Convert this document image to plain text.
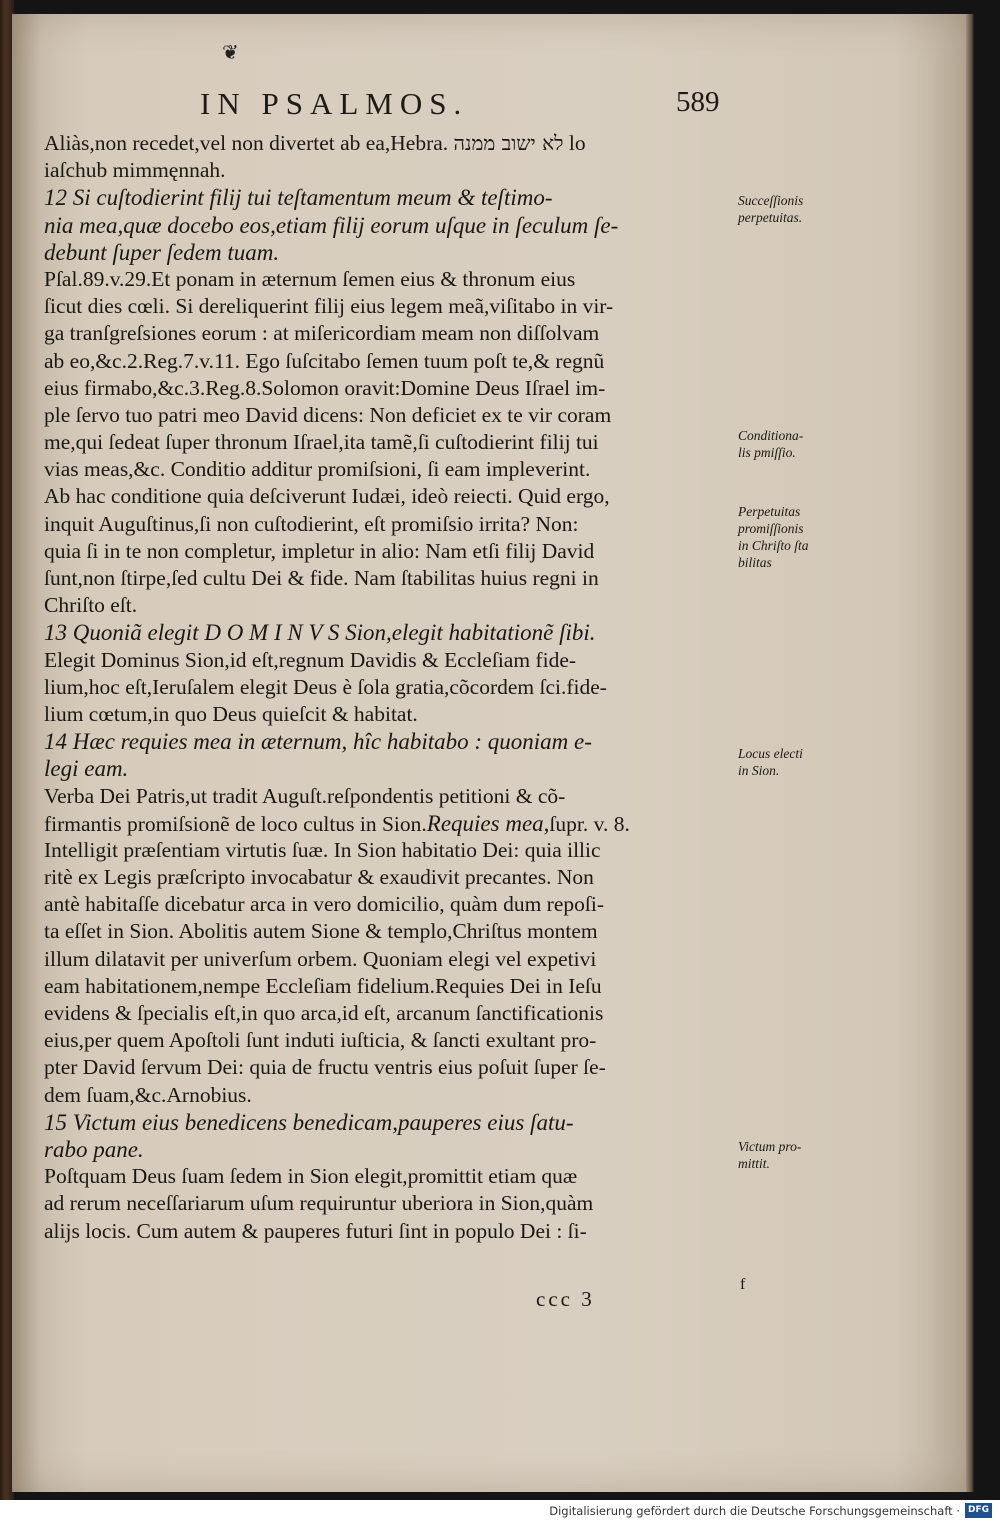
❦
IN PSALMOS.	589
Aliàs,non recedet,vel non divertet ab ea,Hebra. לא ישוב ממנה lo
iaſchub mimmęnnah.
12 Si cuſtodierint filij tui teſtamentum meum & teſtimo-
nia mea,quæ docebo eos,etiam filij eorum uſque in ſeculum ſe-
debunt ſuper ſedem tuam.
Pſal.89.v.29.Et ponam in æternum ſemen eius & thronum eius
ſicut dies cœli. Si dereliquerint filij eius legem meã,viſitabo in vir-
ga tranſgreſsiones eorum : at miſericordiam meam non diſſolvam
ab eo,&c.2.Reg.7.v.11. Ego ſuſcitabo ſemen tuum poſt te,& regnũ
eius firmabo,&c.3.Reg.8.Solomon oravit:Domine Deus Iſrael im-
ple ſervo tuo patri meo David dicens: Non deficiet ex te vir coram
me,qui ſedeat ſuper thronum Iſrael,ita tamẽ,ſi cuſtodierint filij tui
vias meas,&c. Conditio additur promiſsioni, ſi eam impleverint.
Ab hac conditione quia deſciverunt Iudæi, ideò reiecti. Quid ergo,
inquit Auguſtinus,ſi non cuſtodierint, eſt promiſsio irrita? Non:
quia ſi in te non completur, impletur in alio: Nam etſi filij David
ſunt,non ſtirpe,ſed cultu Dei & fide. Nam ſtabilitas huius regni in
Chriſto eſt.
13 Quoniã elegit D O M I N V S Sion,elegit habitationẽ ſibi.
Elegit Dominus Sion,id eſt,regnum Davidis & Eccleſiam fide-
lium,hoc eſt,Ieruſalem elegit Deus è ſola gratia,cõcordem ſci.fide-
lium cœtum,in quo Deus quieſcit & habitat.
14 Hæc requies mea in æternum, hîc habitabo : quoniam e-
legi eam.
Verba Dei Patris,ut tradit Auguſt.reſpondentis petitioni & cõ-
firmantis promiſsionẽ de loco cultus in Sion.Requies mea,ſupr. v. 8.
Intelligit præſentiam virtutis ſuæ. In Sion habitatio Dei: quia illic
ritè ex Legis præſcripto invocabatur & exaudivit precantes. Non
antè habitaſſe dicebatur arca in vero domicilio, quàm dum repoſi-
ta eſſet in Sion. Abolitis autem Sione & templo,Chriſtus montem
illum dilatavit per univerſum orbem. Quoniam elegi vel expetivi
eam habitationem,nempe Eccleſiam fidelium.Requies Dei in Ieſu
evidens & ſpecialis eſt,in quo arca,id eſt, arcanum ſanctificationis
eius,per quem Apoſtoli ſunt induti iuſticia, & ſancti exultant pro-
pter David ſervum Dei: quia de fructu ventris eius poſuit ſuper ſe-
dem ſuam,&c.Arnobius.
15 Victum eius benedicens benedicam,pauperes eius ſatu-
rabo pane.
Poſtquam Deus ſuam ſedem in Sion elegit,promittit etiam quæ
ad rerum neceſſariarum uſum requiruntur uberiora in Sion,quàm
alijs locis. Cum autem & pauperes futuri ſint in populo Dei : ſi-
Succeſſionis
perpetuitas.
Conditiona-
lis pmiſſio.
Perpetuitas
promiſſionis
in Chriſto ſta
bilitas
Locus electi
in Sion.
Victum pro-
mittit.
ccc 3
f
Digitalisierung gefördert durch die Deutsche Forschungsgemeinschaft · DFG
